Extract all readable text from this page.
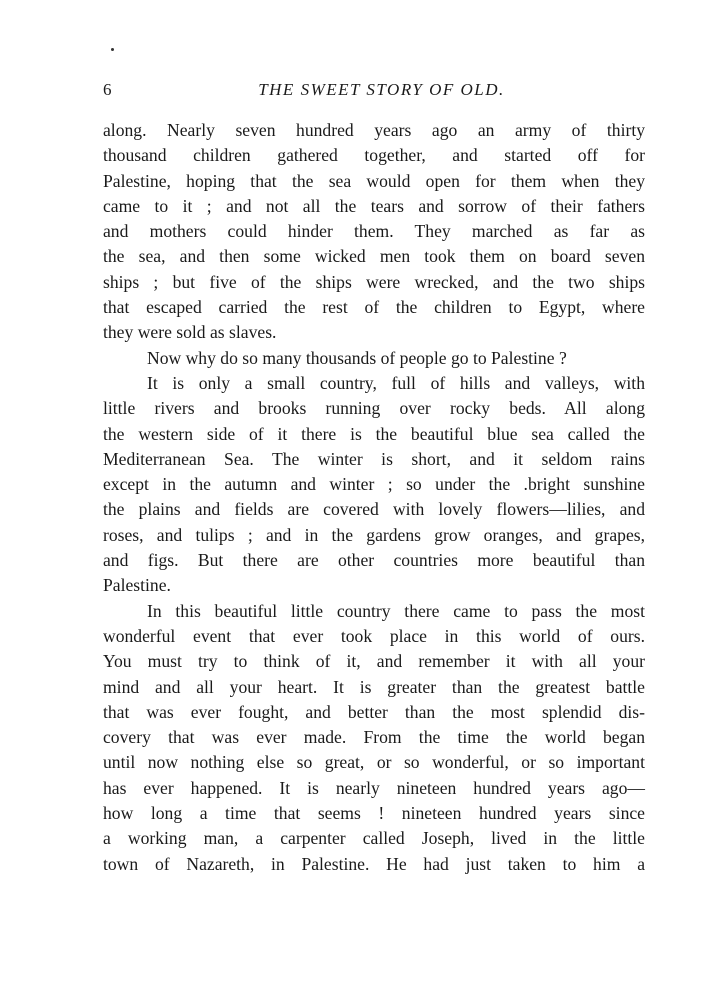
6	THE SWEET STORY OF OLD.
along. Nearly seven hundred years ago an army of thirty
thousand children gathered together, and started off for
Palestine, hoping that the sea would open for them when they
came to it ; and not all the tears and sorrow of their fathers
and mothers could hinder them. They marched as far as
the sea, and then some wicked men took them on board seven
ships ; but five of the ships were wrecked, and the two ships
that escaped carried the rest of the children to Egypt, where
they were sold as slaves.
Now why do so many thousands of people go to Palestine ?
It is only a small country, full of hills and valleys, with
little rivers and brooks running over rocky beds. All along
the western side of it there is the beautiful blue sea called the
Mediterranean Sea. The winter is short, and it seldom rains
except in the autumn and winter ; so under the .bright sunshine
the plains and fields are covered with lovely flowers—lilies, and
roses, and tulips ; and in the gardens grow oranges, and grapes,
and figs. But there are other countries more beautiful than
Palestine.
In this beautiful little country there came to pass the most
wonderful event that ever took place in this world of ours.
You must try to think of it, and remember it with all your
mind and all your heart. It is greater than the greatest battle
that was ever fought, and better than the most splendid dis-
covery that was ever made. From the time the world began
until now nothing else so great, or so wonderful, or so important
has ever happened. It is nearly nineteen hundred years ago—
how long a time that seems ! nineteen hundred years since
a working man, a carpenter called Joseph, lived in the little
town of Nazareth, in Palestine. He had just taken to him a
